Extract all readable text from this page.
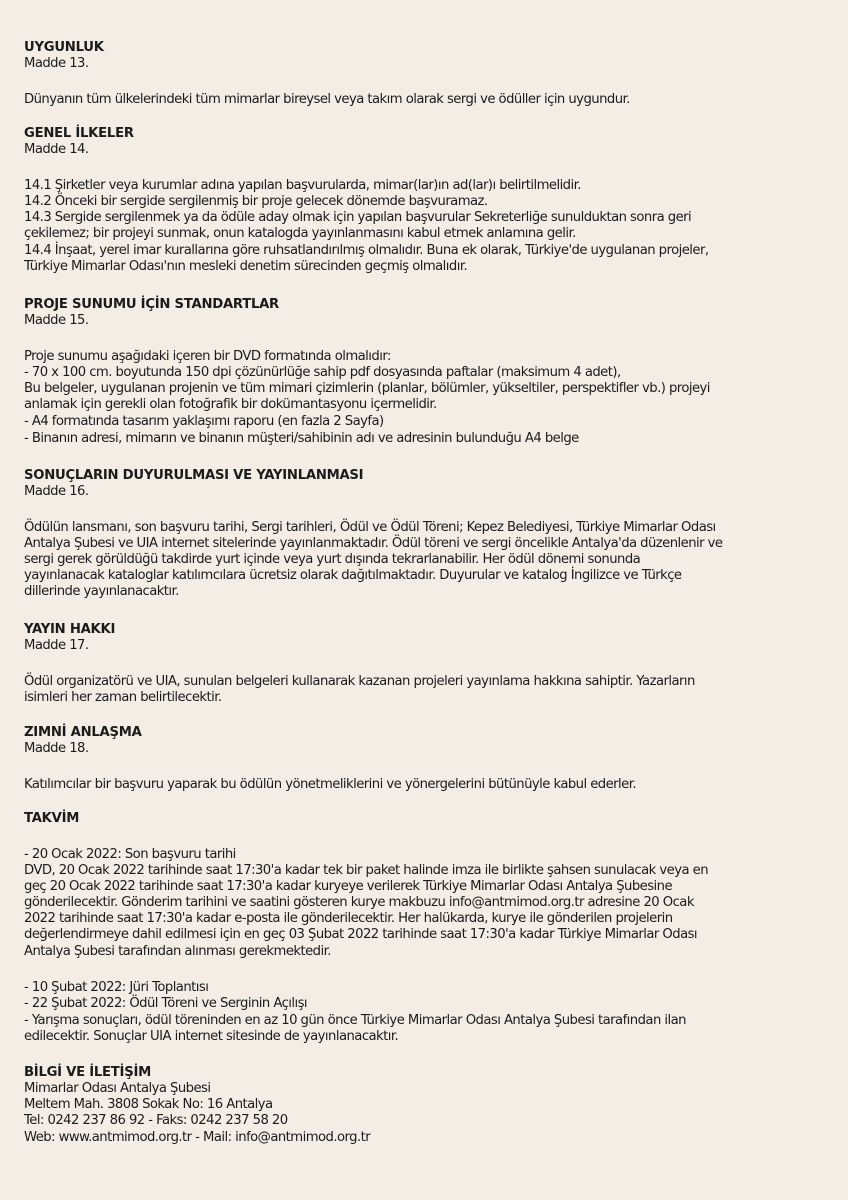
UYGUNLUK

Madde 13.

Dünyanın tüm ülkelerindeki tüm mimarlar bireysel veya takım olarak sergi ve ödüller için uygundur.

GENEL İLKELER

Madde 14.

14.1 Şirketler veya kurumlar adına yapılan başvurularda, mimar(lar)ın ad(lar)ı belirtilmelidir.

14.2 Önceki bir sergide sergilenmiş bir proje gelecek dönemde başvuramaz.

14.3 Sergide sergilenmek ya da ödüle aday olmak için yapılan başvurular Sekreterliğe sunulduktan sonra geri

çekilemez; bir projeyi sunmak, onun katalogda yayınlanmasını kabul etmek anlamına gelir.

14.4 İnşaat, yerel imar kurallarına göre ruhsatlandırılmış olmalıdır. Buna ek olarak, Türkiye'de uygulanan projeler,

Türkiye Mimarlar Odası'nın mesleki denetim sürecinden geçmiş olmalıdır.

PROJE SUNUMU İÇİN STANDARTLAR

Madde 15.

Proje sunumu aşağıdaki içeren bir DVD formatında olmalıdır:

- 70 x 100 cm. boyutunda 150 dpi çözünürlüğe sahip pdf dosyasında paftalar (maksimum 4 adet),

Bu belgeler, uygulanan projenin ve tüm mimari çizimlerin (planlar, bölümler, yükseltiler, perspektifler vb.) projeyi

anlamak için gerekli olan fotoğrafik bir dokümantasyonu içermelidir.

- A4 formatında tasarım yaklaşımı raporu (en fazla 2 Sayfa)

- Binanın adresi, mimarın ve binanın müşteri/sahibinin adı ve adresinin bulunduğu A4 belge

SONUÇLARIN DUYURULMASI VE YAYINLANMASI

Madde 16.

Ödülün lansmanı, son başvuru tarihi, Sergi tarihleri, Ödül ve Ödül Töreni; Kepez Belediyesi, Türkiye Mimarlar Odası

Antalya Şubesi ve UIA internet sitelerinde yayınlanmaktadır. Ödül töreni ve sergi öncelikle Antalya'da düzenlenir ve

sergi gerek görüldüğü takdirde yurt içinde veya yurt dışında tekrarlanabilir. Her ödül dönemi sonunda

yayınlanacak kataloglar katılımcılara ücretsiz olarak dağıtılmaktadır. Duyurular ve katalog İngilizce ve Türkçe

dillerinde yayınlanacaktır.

YAYIN HAKKI

Madde 17.

Ödül organizatörü ve UIA, sunulan belgeleri kullanarak kazanan projeleri yayınlama hakkına sahiptir. Yazarların

isimleri her zaman belirtilecektir.

ZIMNİ ANLAŞMA

Madde 18.

Katılımcılar bir başvuru yaparak bu ödülün yönetmeliklerini ve yönergelerini bütünüyle kabul ederler.

TAKVİM

- 20 Ocak 2022: Son başvuru tarihi

DVD, 20 Ocak 2022 tarihinde saat 17:30'a kadar tek bir paket halinde imza ile birlikte şahsen sunulacak veya en

geç 20 Ocak 2022 tarihinde saat 17:30'a kadar kuryeye verilerek Türkiye Mimarlar Odası Antalya Şubesine

gönderilecektir. Gönderim tarihini ve saatini gösteren kurye makbuzu info@antmimod.org.tr adresine 20 Ocak

2022 tarihinde saat 17:30'a kadar e-posta ile gönderilecektir. Her halükarda, kurye ile gönderilen projelerin

değerlendirmeye dahil edilmesi için en geç 03 Şubat 2022 tarihinde saat 17:30'a kadar Türkiye Mimarlar Odası

Antalya Şubesi tarafından alınması gerekmektedir.

- 10 Şubat 2022: Jüri Toplantısı

- 22 Şubat 2022: Ödül Töreni ve Serginin Açılışı

- Yarışma sonuçları, ödül töreninden en az 10 gün önce Türkiye Mimarlar Odası Antalya Şubesi tarafından ilan

edilecektir. Sonuçlar UIA internet sitesinde de yayınlanacaktır.

BİLGİ VE İLETİŞİM

Mimarlar Odası Antalya Şubesi

Meltem Mah. 3808 Sokak No: 16 Antalya

Tel: 0242 237 86 92 - Faks: 0242 237 58 20

Web: www.antmimod.org.tr - Mail: info@antmimod.org.tr
